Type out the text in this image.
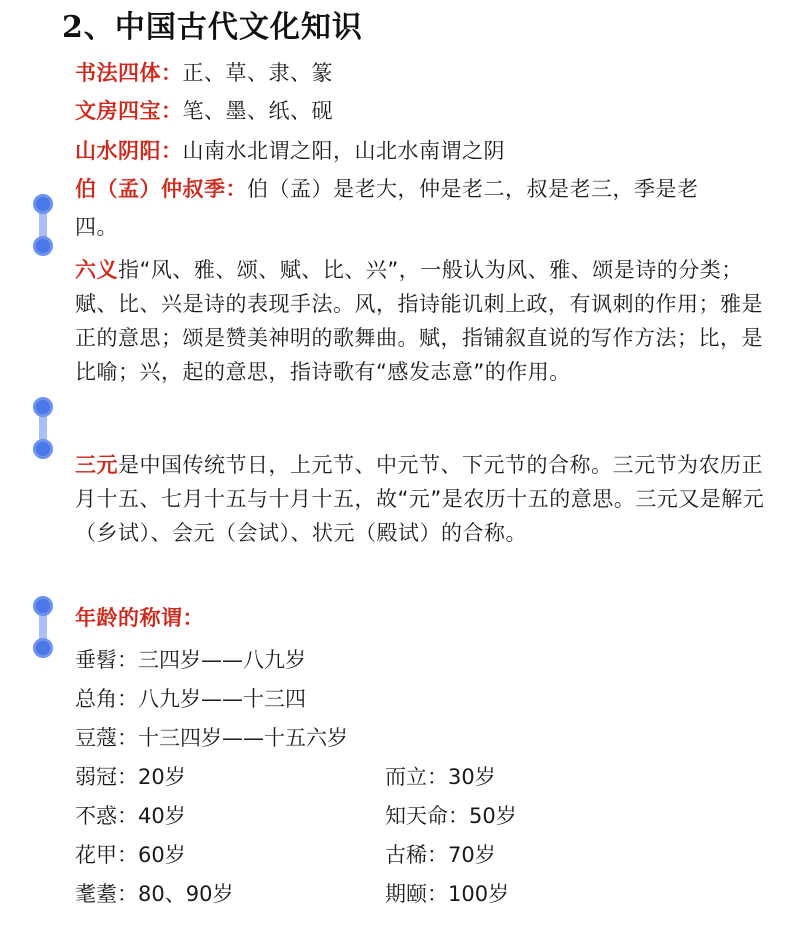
2、中国古代文化知识
书法四体：正、草、隶、篆
文房四宝：笔、墨、纸、砚
山水阴阳：山南水北谓之阳，山北水南谓之阴
伯（孟）仲叔季：伯（孟）是老大，仲是老二，叔是老三，季是老
四。
六义指“风、雅、颂、赋、比、兴”，一般认为风、雅、颂是诗的分类；赋、比、兴是诗的表现手法。风，指诗能讥刺上政，有讽刺的作用；雅是正的意思；颂是赞美神明的歌舞曲。赋，指铺叙直说的写作方法；比，是比喻；兴，起的意思，指诗歌有“感发志意”的作用。
三元是中国传统节日，上元节、中元节、下元节的合称。三元节为农历正月十五、七月十五与十月十五，故“元”是农历十五的意思。三元又是解元（乡试）、会元（会试）、状元（殿试）的合称。
年龄的称谓：
垂髫：三四岁——八九岁
总角：八九岁——十三四
豆蔻：十三四岁——十五六岁
弱冠：20岁	而立：30岁
不惑：40岁	知天命：50岁
花甲：60岁	古稀：70岁
耄耋：80、90岁	期颐：100岁
